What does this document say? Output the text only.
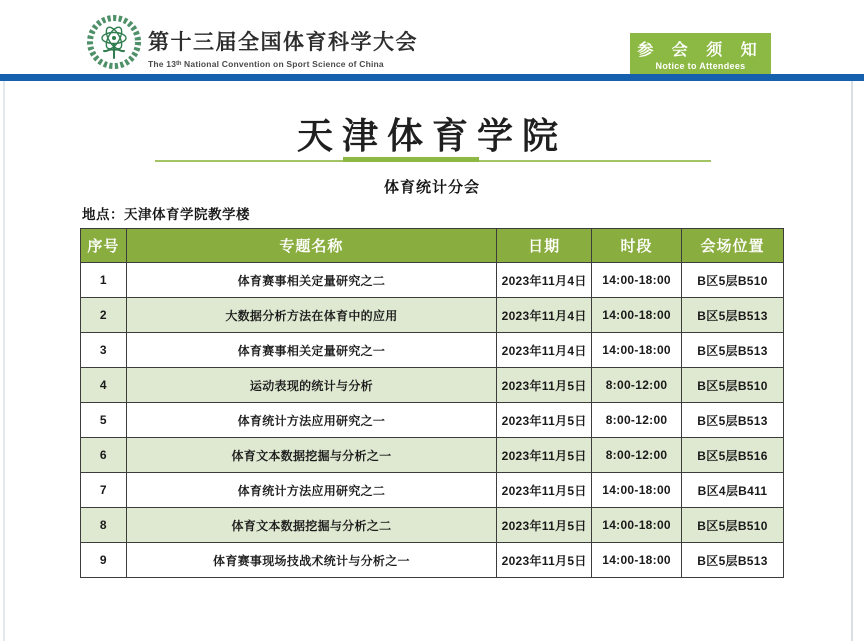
第十三届全国体育科学大会
The 13ᵗʰ National Convention on Sport Science of China
参 会 须 知
Notice to Attendees
天津体育学院
体育统计分会
地点：天津体育学院教学楼
序号	专题名称	日期	时段	会场位置
1	体育赛事相关定量研究之二	2023年11月4日	14:00-18:00	B区5层B510
2	大数据分析方法在体育中的应用	2023年11月4日	14:00-18:00	B区5层B513
3	体育赛事相关定量研究之一	2023年11月4日	14:00-18:00	B区5层B513
4	运动表现的统计与分析	2023年11月5日	8:00-12:00	B区5层B510
5	体育统计方法应用研究之一	2023年11月5日	8:00-12:00	B区5层B513
6	体育文本数据挖掘与分析之一	2023年11月5日	8:00-12:00	B区5层B516
7	体育统计方法应用研究之二	2023年11月5日	14:00-18:00	B区4层B411
8	体育文本数据挖掘与分析之二	2023年11月5日	14:00-18:00	B区5层B510
9	体育赛事现场技战术统计与分析之一	2023年11月5日	14:00-18:00	B区5层B513
